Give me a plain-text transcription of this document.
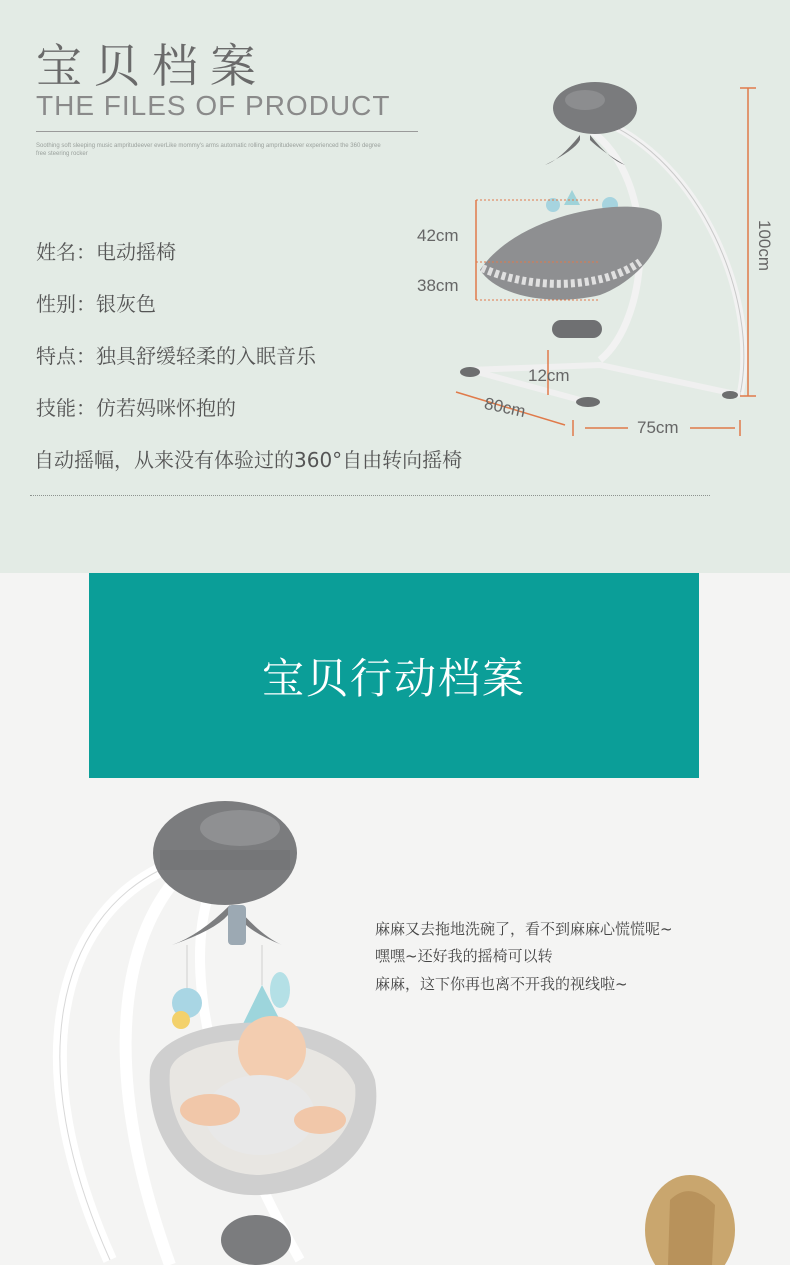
宝贝档案
THE FILES OF PRODUCT
Soothing soft sleeping music ampritudeever everLike mommy's arms automatic rolling ampritudeever experienced the 360 degree free steering rocker
姓名：电动摇椅
性别：银灰色
特点：独具舒缓轻柔的入眠音乐
技能：仿若妈咪怀抱的
自动摇幅，从来没有体验过的360°自由转向摇椅
100cm
42cm
38cm
12cm
80cm
75cm
宝贝行动档案
麻麻又去拖地洗碗了，看不到麻麻心慌慌呢~
嘿嘿~还好我的摇椅可以转
麻麻，这下你再也离不开我的视线啦~
